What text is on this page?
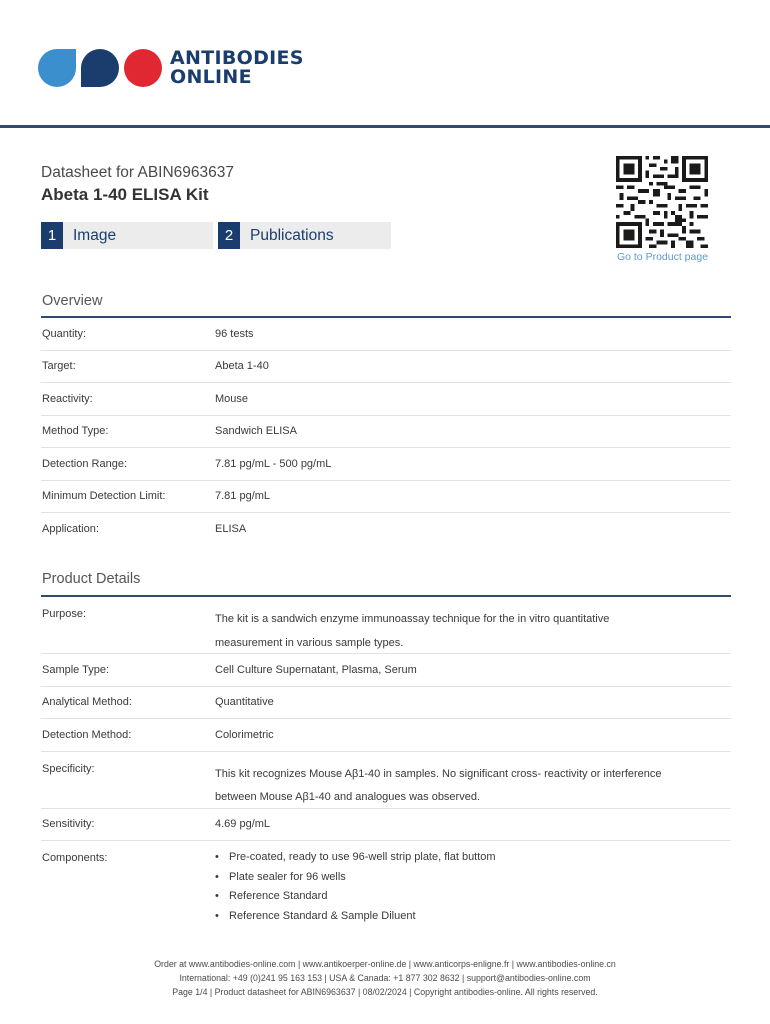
ANTIBODIES
ONLINE
Datasheet for ABIN6963637
Abeta 1-40 ELISA Kit
1	Image	2	Publications
Go to Product page
Overview
Quantity:	96 tests
Target:	Abeta 1-40
Reactivity:	Mouse
Method Type:	Sandwich ELISA
Detection Range:	7.81 pg/mL - 500 pg/mL
Minimum Detection Limit:	7.81 pg/mL
Application:	ELISA
Product Details
Purpose:	The kit is a sandwich enzyme immunoassay technique for the in vitro quantitative
measurement in various sample types.
Sample Type:	Cell Culture Supernatant, Plasma, Serum
Analytical Method:	Quantitative
Detection Method:	Colorimetric
Specificity:	This kit recognizes Mouse Aβ1-40 in samples. No significant cross- reactivity or interference
between Mouse Aβ1-40 and analogues was observed.
Sensitivity:	4.69 pg/mL
Components:
•	Pre-coated, ready to use 96-well strip plate, flat buttom
• Plate sealer for 96 wells
• Reference Standard
• Reference Standard & Sample Diluent
Order at www.antibodies-online.com | www.antikoerper-online.de | www.anticorps-enligne.fr | www.antibodies-online.cn
International: +49 (0)241 95 163 153 | USA & Canada: +1 877 302 8632 | support@antibodies-online.com
Page 1/4 | Product datasheet for ABIN6963637 | 08/02/2024 | Copyright antibodies-online. All rights reserved.
